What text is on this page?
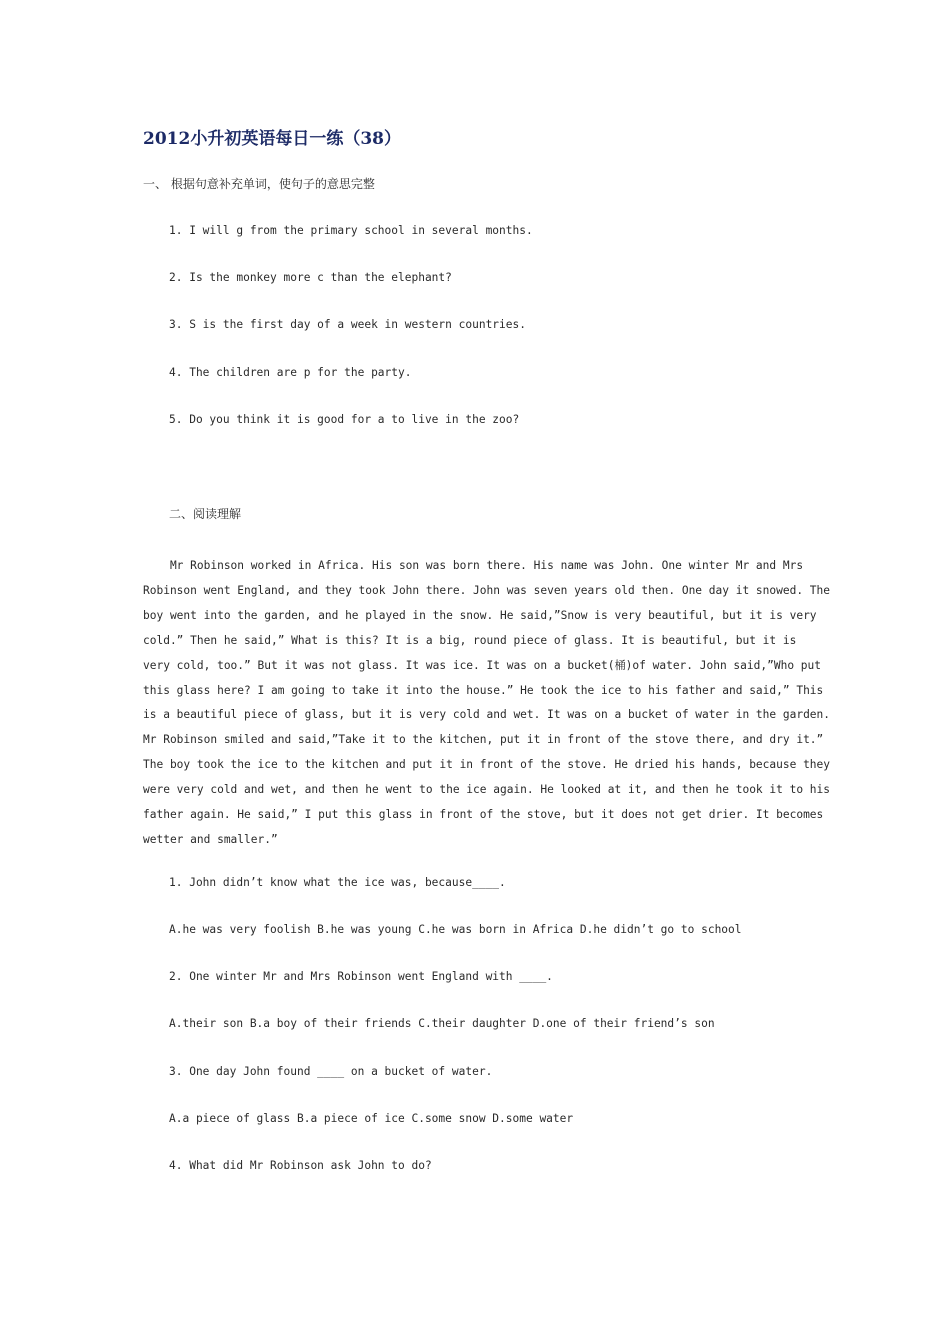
2012小升初英语每日一练（38）
一、 根据句意补充单词，使句子的意思完整
1. I will g from the primary school in several months.
2. Is the monkey more c than the elephant?
3. S is the first day of a week in western countries.
4. The children are p for the party.
5. Do you think it is good for a to live in the zoo?
二、阅读理解
Mr Robinson worked in Africa. His son was born there. His name was John. One winter Mr and Mrs
Robinson went England, and they took John there. John was seven years old then. One day it snowed. The
boy went into the garden, and he played in the snow. He said,”Snow is very beautiful, but it is very
cold.” Then he said,” What is this? It is a big, round piece of glass. It is beautiful, but it is
very cold, too.” But it was not glass. It was ice. It was on a bucket(桶)of water. John said,”Who put
this glass here? I am going to take it into the house.” He took the ice to his father and said,” This
is a beautiful piece of glass, but it is very cold and wet. It was on a bucket of water in the garden.
Mr Robinson smiled and said,”Take it to the kitchen, put it in front of the stove there, and dry it.”
The boy took the ice to the kitchen and put it in front of the stove. He dried his hands, because they
were very cold and wet, and then he went to the ice again. He looked at it, and then he took it to his
father again. He said,” I put this glass in front of the stove, but it does not get drier. It becomes
wetter and smaller.”
1. John didn’t know what the ice was, because____.
A.he was very foolish B.he was young C.he was born in Africa D.he didn’t go to school
2. One winter Mr and Mrs Robinson went England with ____.
A.their son B.a boy of their friends C.their daughter D.one of their friend’s son
3. One day John found ____ on a bucket of water.
A.a piece of glass B.a piece of ice C.some snow D.some water
4. What did Mr Robinson ask John to do?
